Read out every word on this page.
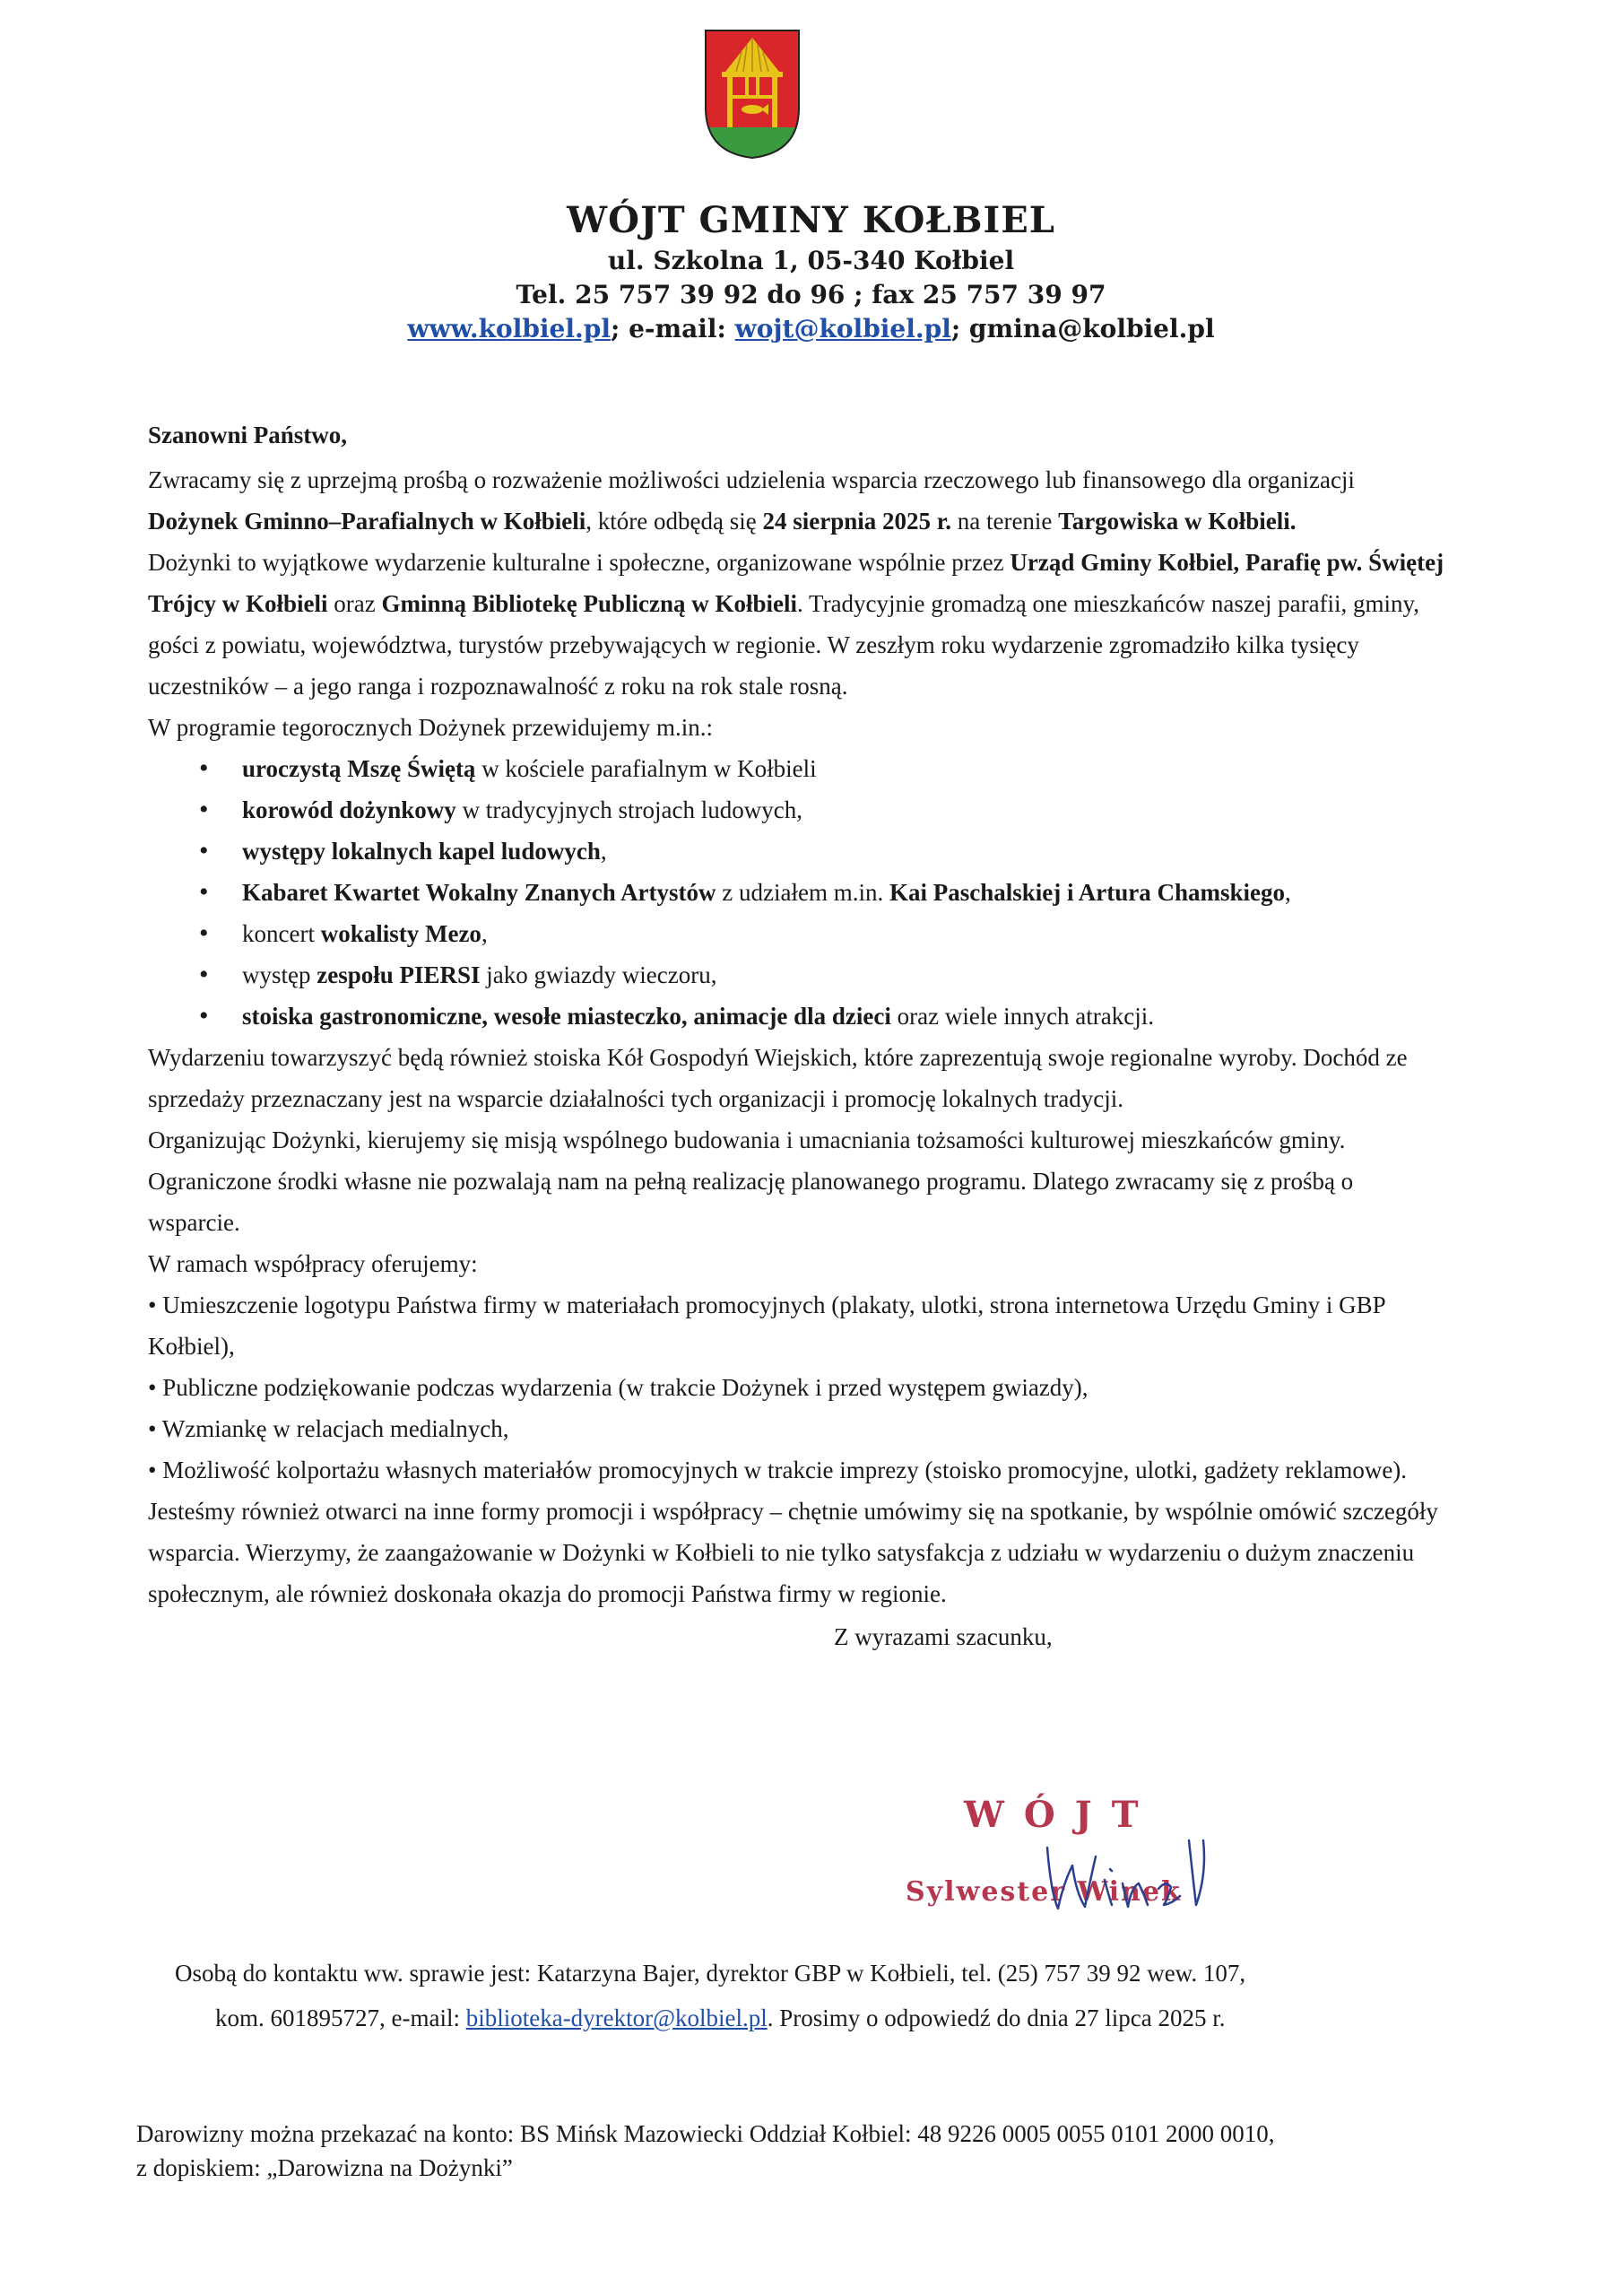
WÓJT GMINY KOŁBIEL
ul. Szkolna 1, 05-340 Kołbiel
Tel. 25 757 39 92 do 96 ; fax 25 757 39 97
www.kolbiel.pl; e-mail: wojt@kolbiel.pl; gmina@kolbiel.pl

Szanowni Państwo,

Zwracamy się z uprzejmą prośbą o rozważenie możliwości udzielenia wsparcia rzeczowego lub finansowego dla organizacji Dożynek Gminno–Parafialnych w Kołbieli, które odbędą się 24 sierpnia 2025 r. na terenie Targowiska w Kołbieli.

Dożynki to wyjątkowe wydarzenie kulturalne i społeczne, organizowane wspólnie przez Urząd Gminy Kołbiel, Parafię pw. Świętej Trójcy w Kołbieli oraz Gminną Bibliotekę Publiczną w Kołbieli. Tradycyjnie gromadzą one mieszkańców naszej parafii, gminy, gości z powiatu, województwa, turystów przebywających w regionie. W zeszłym roku wydarzenie zgromadziło kilka tysięcy uczestników – a jego ranga i rozpoznawalność z roku na rok stale rosną.

W programie tegorocznych Dożynek przewidujemy m.in.:

• uroczystą Mszę Świętą w kościele parafialnym w Kołbieli
• korowód dożynkowy w tradycyjnych strojach ludowych,
• występy lokalnych kapel ludowych,
• Kabaret Kwartet Wokalny Znanych Artystów z udziałem m.in. Kai Paschalskiej i Artura Chamskiego,
• koncert wokalisty Mezo,
• występ zespołu PIERSI jako gwiazdy wieczoru,
• stoiska gastronomiczne, wesołe miasteczko, animacje dla dzieci oraz wiele innych atrakcji.

Wydarzeniu towarzyszyć będą również stoiska Kół Gospodyń Wiejskich, które zaprezentują swoje regionalne wyroby. Dochód ze sprzedaży przeznaczany jest na wsparcie działalności tych organizacji i promocję lokalnych tradycji.

Organizując Dożynki, kierujemy się misją wspólnego budowania i umacniania tożsamości kulturowej mieszkańców gminy. Ograniczone środki własne nie pozwalają nam na pełną realizację planowanego programu. Dlatego zwracamy się z prośbą o wsparcie.

W ramach współpracy oferujemy:

• Umieszczenie logotypu Państwa firmy w materiałach promocyjnych (plakaty, ulotki, strona internetowa Urzędu Gminy i GBP Kołbiel),

• Publiczne podziękowanie podczas wydarzenia (w trakcie Dożynek i przed występem gwiazdy),

• Wzmiankę w relacjach medialnych,

• Możliwość kolportażu własnych materiałów promocyjnych w trakcie imprezy (stoisko promocyjne, ulotki, gadżety reklamowe).

Jesteśmy również otwarci na inne formy promocji i współpracy – chętnie umówimy się na spotkanie, by wspólnie omówić szczegóły wsparcia. Wierzymy, że zaangażowanie w Dożynki w Kołbieli to nie tylko satysfakcja z udziału w wydarzeniu o dużym znaczeniu społecznym, ale również doskonała okazja do promocji Państwa firmy w regionie.

Z wyrazami szacunku,

WÓJT
Sylwester Winek

Osobą do kontaktu ww. sprawie jest: Katarzyna Bajer, dyrektor GBP w Kołbieli, tel. (25) 757 39 92 wew. 107,

kom. 601895727, e-mail: biblioteka-dyrektor@kolbiel.pl. Prosimy o odpowiedź do dnia 27 lipca 2025 r.

Darowizny można przekazać na konto: BS Mińsk Mazowiecki Oddział Kołbiel: 48 9226 0005 0055 0101 2000 0010,

z dopiskiem: „Darowizna na Dożynki”
